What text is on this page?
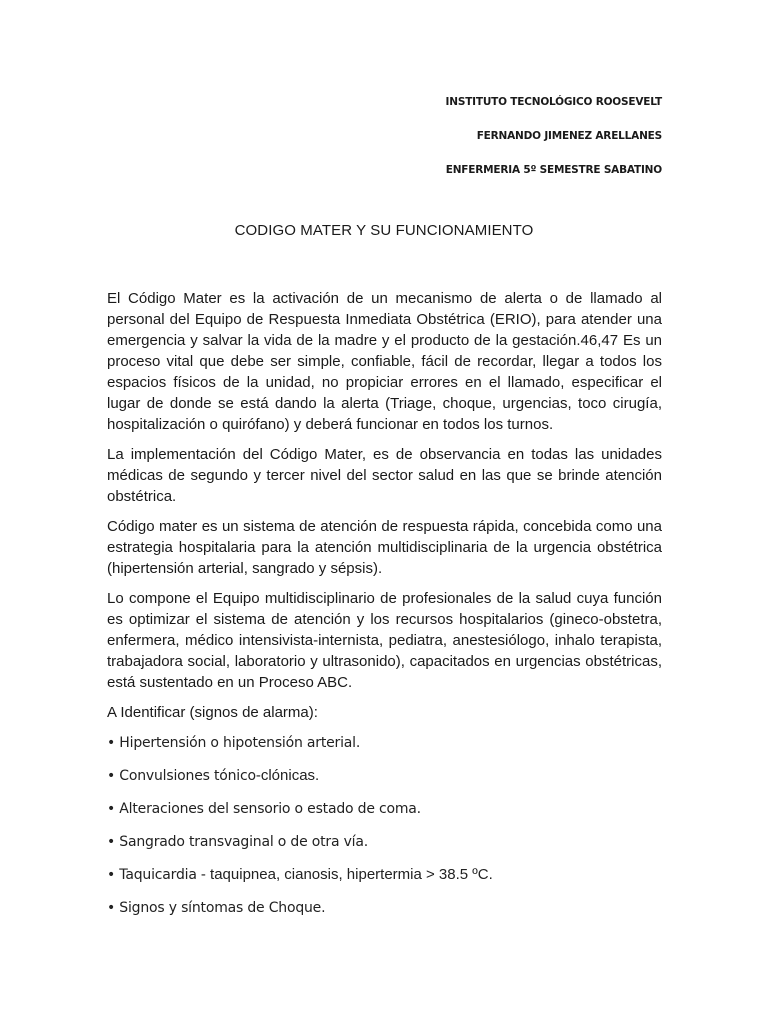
INSTITUTO TECNOLÓGICO ROOSEVELT
FERNANDO JIMENEZ ARELLANES
ENFERMERIA 5º SEMESTRE SABATINO
CODIGO MATER Y SU FUNCIONAMIENTO

El Código Mater es la activación de un mecanismo de alerta o de llamado al personal del Equipo de Respuesta Inmediata Obstétrica (ERIO), para atender una emergencia y salvar la vida de la madre y el producto de la gestación.46,47 Es un proceso vital que debe ser simple, confiable, fácil de recordar, llegar a todos los espacios físicos de la unidad, no propiciar errores en el llamado, especificar el lugar de donde se está dando la alerta (Triage, choque, urgencias, toco cirugía, hospitalización o quirófano) y deberá funcionar en todos los turnos.

La implementación del Código Mater, es de observancia en todas las unidades médicas de segundo y tercer nivel del sector salud en las que se brinde atención obstétrica.

Código mater es un sistema de atención de respuesta rápida, concebida como una estrategia hospitalaria para la atención multidisciplinaria de la urgencia obstétrica (hipertensión arterial, sangrado y sépsis).

Lo compone el Equipo multidisciplinario de profesionales de la salud cuya función es optimizar el sistema de atención y los recursos hospitalarios (gineco-obstetra, enfermera, médico intensivista-internista, pediatra, anestesiólogo, inhalo terapista, trabajadora social, laboratorio y ultrasonido), capacitados en urgencias obstétricas, está sustentado en un Proceso ABC.

A Identificar (signos de alarma):

• Hipertensión o hipotensión arterial.
• Convulsiones tónico-clónicas.
• Alteraciones del sensorio o estado de coma.
• Sangrado transvaginal o de otra vía.
• Taquicardia - taquipnea, cianosis, hipertermia > 38.5 ºC.
• Signos y síntomas de Choque.
